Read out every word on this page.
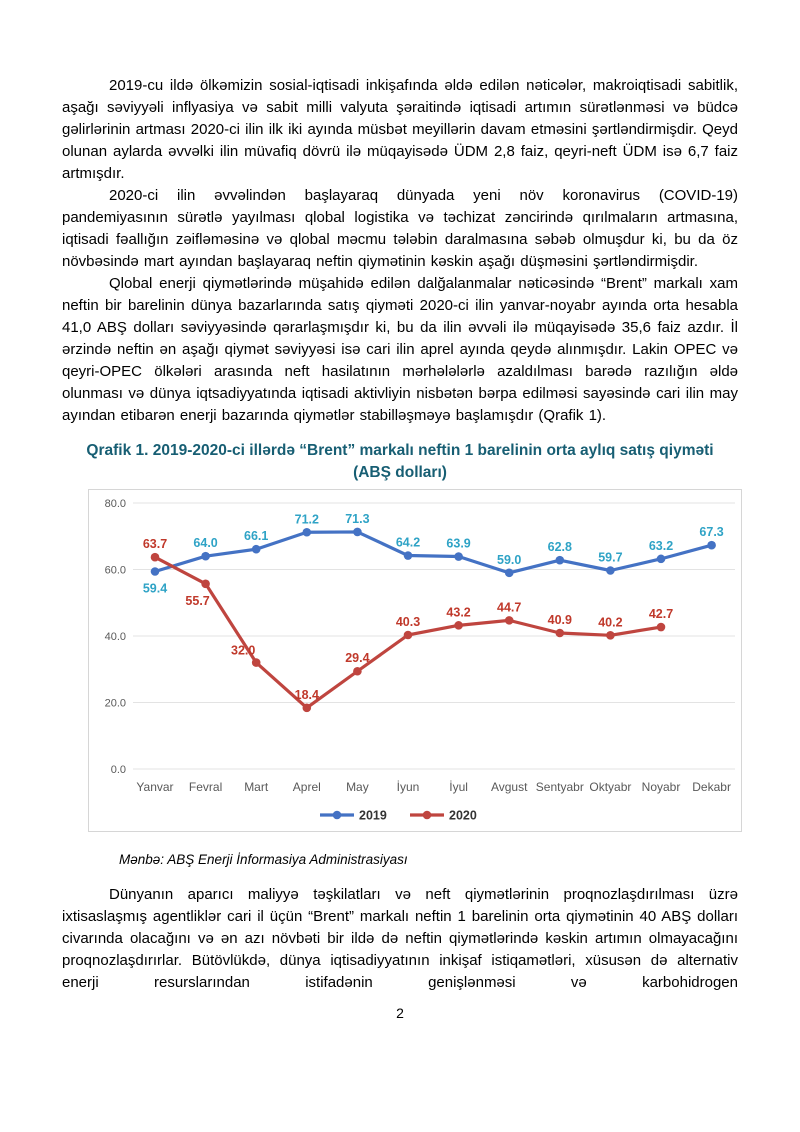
2019-cu ildə ölkəmizin sosial-iqtisadi inkişafında əldə edilən nəticələr, makroiqtisadi sabitlik, aşağı səviyyəli inflyasiya və sabit milli valyuta şəraitində iqtisadi artımın sürətlənməsi və büdcə gəlirlərinin artması 2020-ci ilin ilk iki ayında müsbət meyillərin davam etməsini şərtləndirmişdir. Qeyd olunan aylarda əvvəlki ilin müvafiq dövrü ilə müqayisədə ÜDM 2,8 faiz, qeyri-neft ÜDM isə 6,7 faiz artmışdır.

2020-ci ilin əvvəlindən başlayaraq dünyada yeni növ koronavirus (COVID-19) pandemiyasının sürətlə yayılması qlobal logistika və təchizat zəncirində qırılmaların artmasına, iqtisadi fəallığın zəifləməsinə və qlobal məcmu tələbin daralmasına səbəb olmuşdur ki, bu da öz növbəsində mart ayından başlayaraq neftin qiymətinin kəskin aşağı düşməsini şərtləndirmişdir.

Qlobal enerji qiymətlərində müşahidə edilən dalğalanmalar nəticəsində “Brent” markalı xam neftin bir barelinin dünya bazarlarında satış qiyməti 2020-ci ilin yanvar-noyabr ayında orta hesabla 41,0 ABŞ dolları səviyyəsində qərarlaşmışdır ki, bu da ilin əvvəli ilə müqayisədə 35,6 faiz azdır. İl ərzində neftin ən aşağı qiymət səviyyəsi isə cari ilin aprel ayında qeydə alınmışdır. Lakin OPEC və qeyri-OPEC ölkələri arasında neft hasilatının mərhələlərlə azaldılması barədə razılığın əldə olunması və dünya iqtsadiyyatında iqtisadi aktivliyin nisbətən bərpa edilməsi sayəsində cari ilin may ayından etibarən enerji bazarında qiymətlər stabilləşməyə başlamışdır (Qrafik 1).

Qrafik 1. 2019-2020-ci illərdə “Brent” markalı neftin 1 barelinin orta aylıq satış qiyməti
(ABŞ dolları)
0.0
20.0
40.0
60.0
80.0
Yanvar Fevral Mart Aprel May İyun İyul Avgust Sentyabr Oktyabr Noyabr Dekabr
59.4
64.0 66.1
71.2 71.3
64.2 63.9
59.0
62.8
59.7
63.2
67.3
63.7
55.7
32.0
18.4
29.4
40.3
43.2 44.7
40.9 40.2
42.7
2019	2020

Mənbə: ABŞ Enerji İnformasiya Administrasiyası

Dünyanın aparıcı maliyyə təşkilatları və neft qiymətlərinin proqnozlaşdırılması üzrə ixtisaslaşmış agentliklər cari il üçün “Brent” markalı neftin 1 barelinin orta qiymətinin 40 ABŞ dolları civarında olacağını və ən azı növbəti bir ildə də neftin qiymətlərində kəskin artımın olmayacağını proqnozlaşdırırlar. Bütövlükdə, dünya iqtisadiyyatının inkişaf istiqamətləri, xüsusən də alternativ enerji resurslarından istifadənin genişlənməsi və karbohidrogen

2
